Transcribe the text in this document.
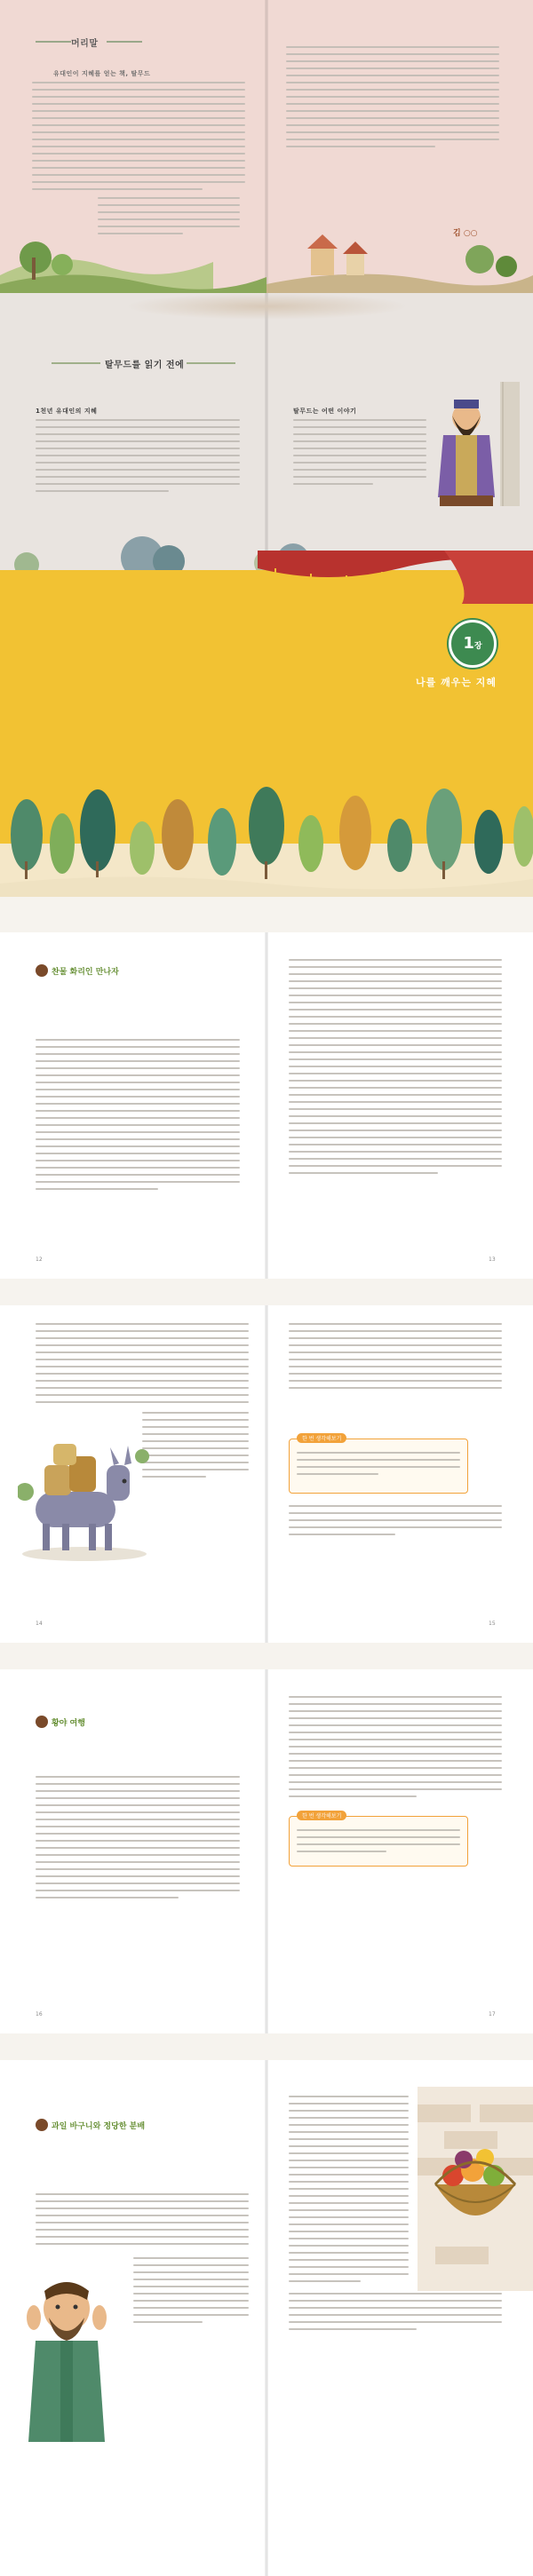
머리말
유대인이 지혜를 얻는 책, 탈무드
김 ○○
탈무드를 읽기 전에
1천년 유대인의 지혜	탈무드는 어떤 이야기
1장
나를 깨우는 지혜
찬물 화리인 만나자
12	13
14
한 번 생각해보기
15
황야 여행
16
한 번 생각해보기
17
과일 바구니와 정당한 분배
